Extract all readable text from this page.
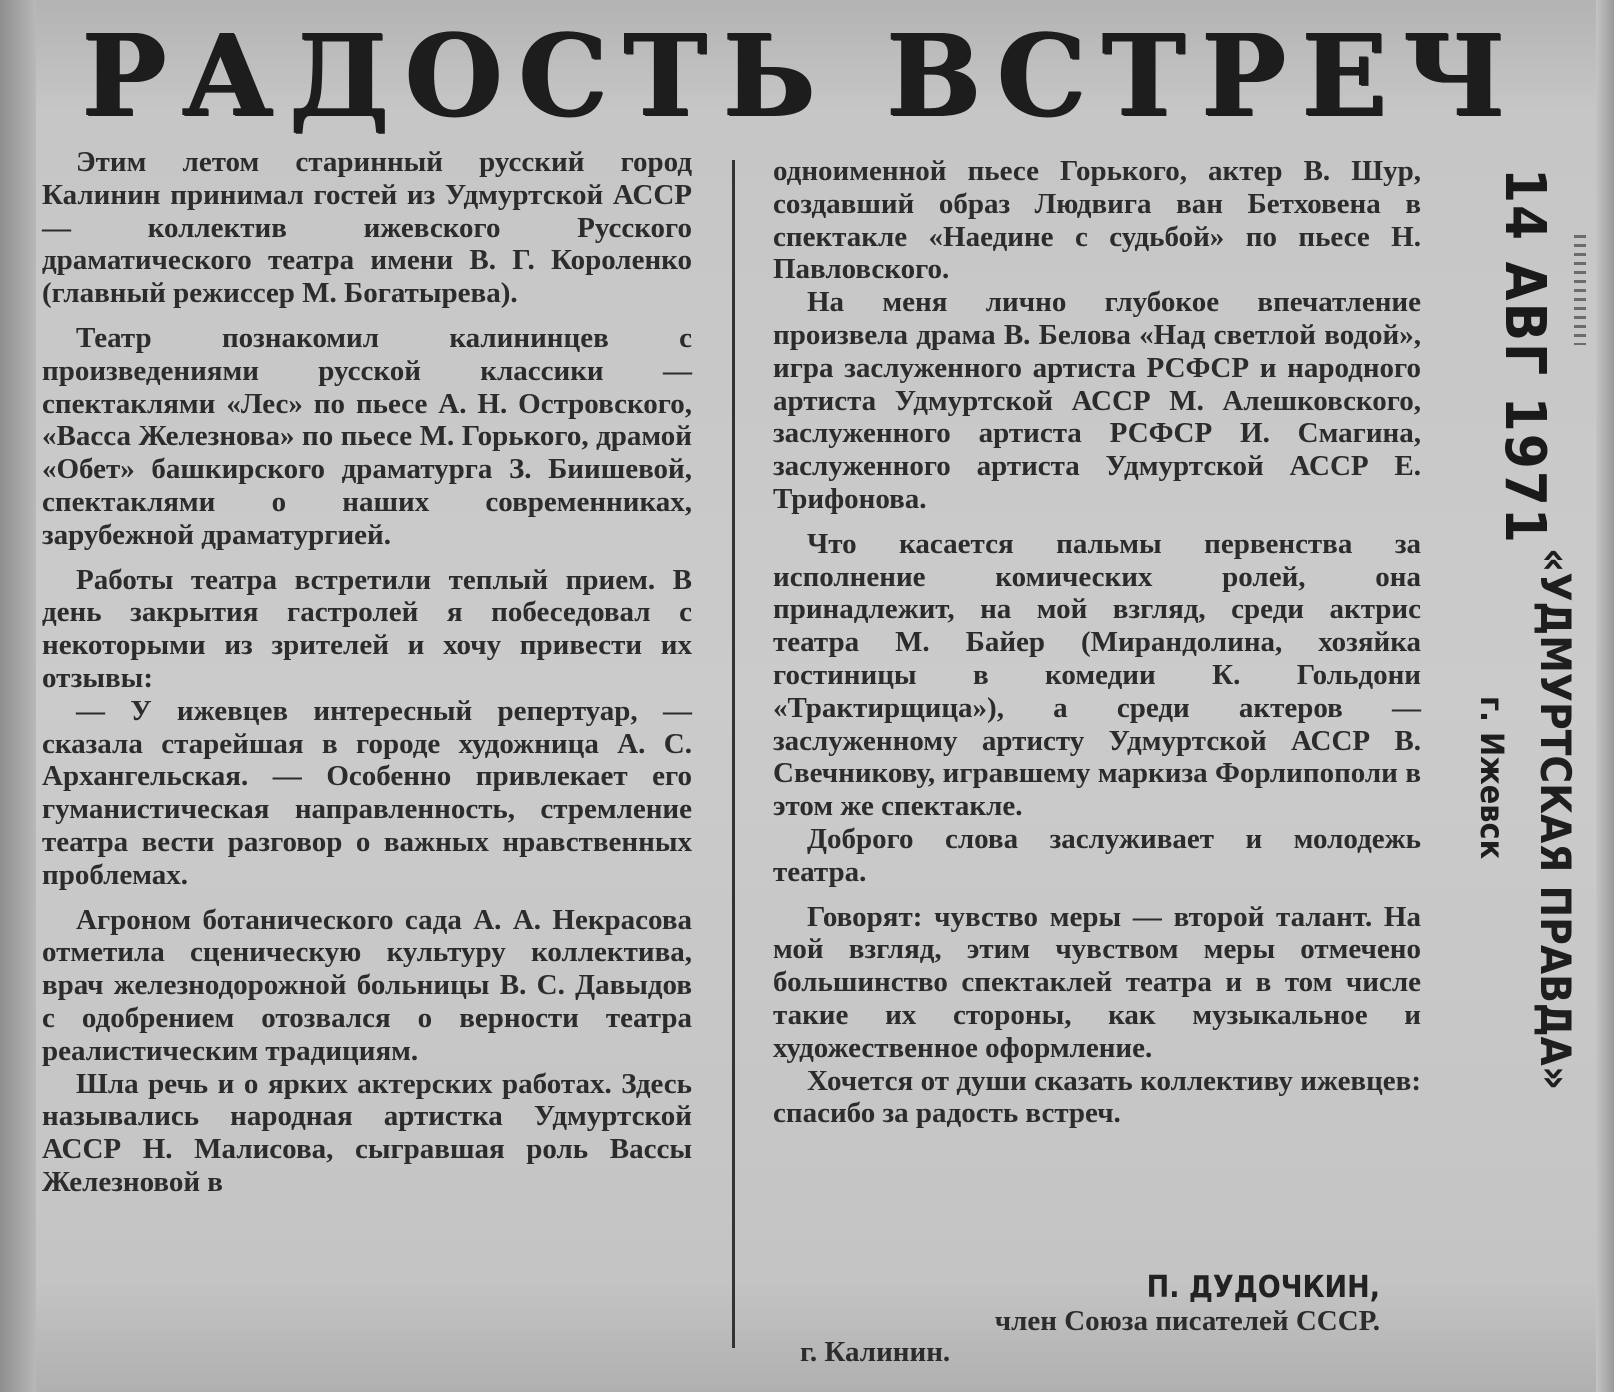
РАДОСТЬ ВСТРЕЧ

Этим летом старинный русский город Калинин принимал гостей из Удмуртской АССР — коллектив ижевского Русского драматического театра имени В. Г. Короленко (главный режиссер М. Богатырева).

Театр познакомил калининцев с произведениями русской классики — спектаклями «Лес» по пьесе А. Н. Островского, «Васса Железнова» по пьесе М. Горького, драмой «Обет» башкирского драматурга З. Биишевой, спектаклями о наших современниках, зарубежной драматургией.

Работы театра встретили теплый прием. В день закрытия гастролей я побеседовал с некоторыми из зрителей и хочу привести их отзывы:

— У ижевцев интересный репертуар, — сказала старейшая в городе художница А. С. Архангельская. — Особенно привлекает его гуманистическая направленность, стремление театра вести разговор о важных нравственных проблемах.

Агроном ботанического сада А. А. Некрасова отметила сценическую культуру коллектива, врач железнодорожной больницы В. С. Давыдов с одобрением отозвался о верности театра реалистическим традициям.

Шла речь и о ярких актерских работах. Здесь назывались народная артистка Удмуртской АССР Н. Малисова, сыгравшая роль Вассы Железновой в

одноименной пьесе Горького, актер В. Шур, создавший образ Людвига ван Бетховена в спектакле «Наедине с судьбой» по пьесе Н. Павловского.

На меня лично глубокое впечатление произвела драма В. Белова «Над светлой водой», игра заслуженного артиста РСФСР и народного артиста Удмуртской АССР М. Алешковского, заслуженного артиста РСФСР И. Смагина, заслуженного артиста Удмуртской АССР Е. Трифонова.

Что касается пальмы первенства за исполнение комических ролей, она принадлежит, на мой взгляд, среди актрис театра М. Байер (Мирандолина, хозяйка гостиницы в комедии К. Гольдони «Трактирщица»), а среди актеров — заслуженному артисту Удмуртской АССР В. Свечникову, игравшему маркиза Форлипополи в этом же спектакле.

Доброго слова заслуживает и молодежь театра.

Говорят: чувство меры — второй талант. На мой взгляд, этим чувством меры отмечено большинство спектаклей театра и в том числе такие их стороны, как музыкальное и художественное оформление.

Хочется от души сказать коллективу ижевцев: спасибо за радость встреч.

П. ДУДОЧКИН,
член Союза писателей СССР.
г. Калинин.
14 АВГ 1971
«УДМУРТСКАЯ ПРАВДА»
г. Ижевск
